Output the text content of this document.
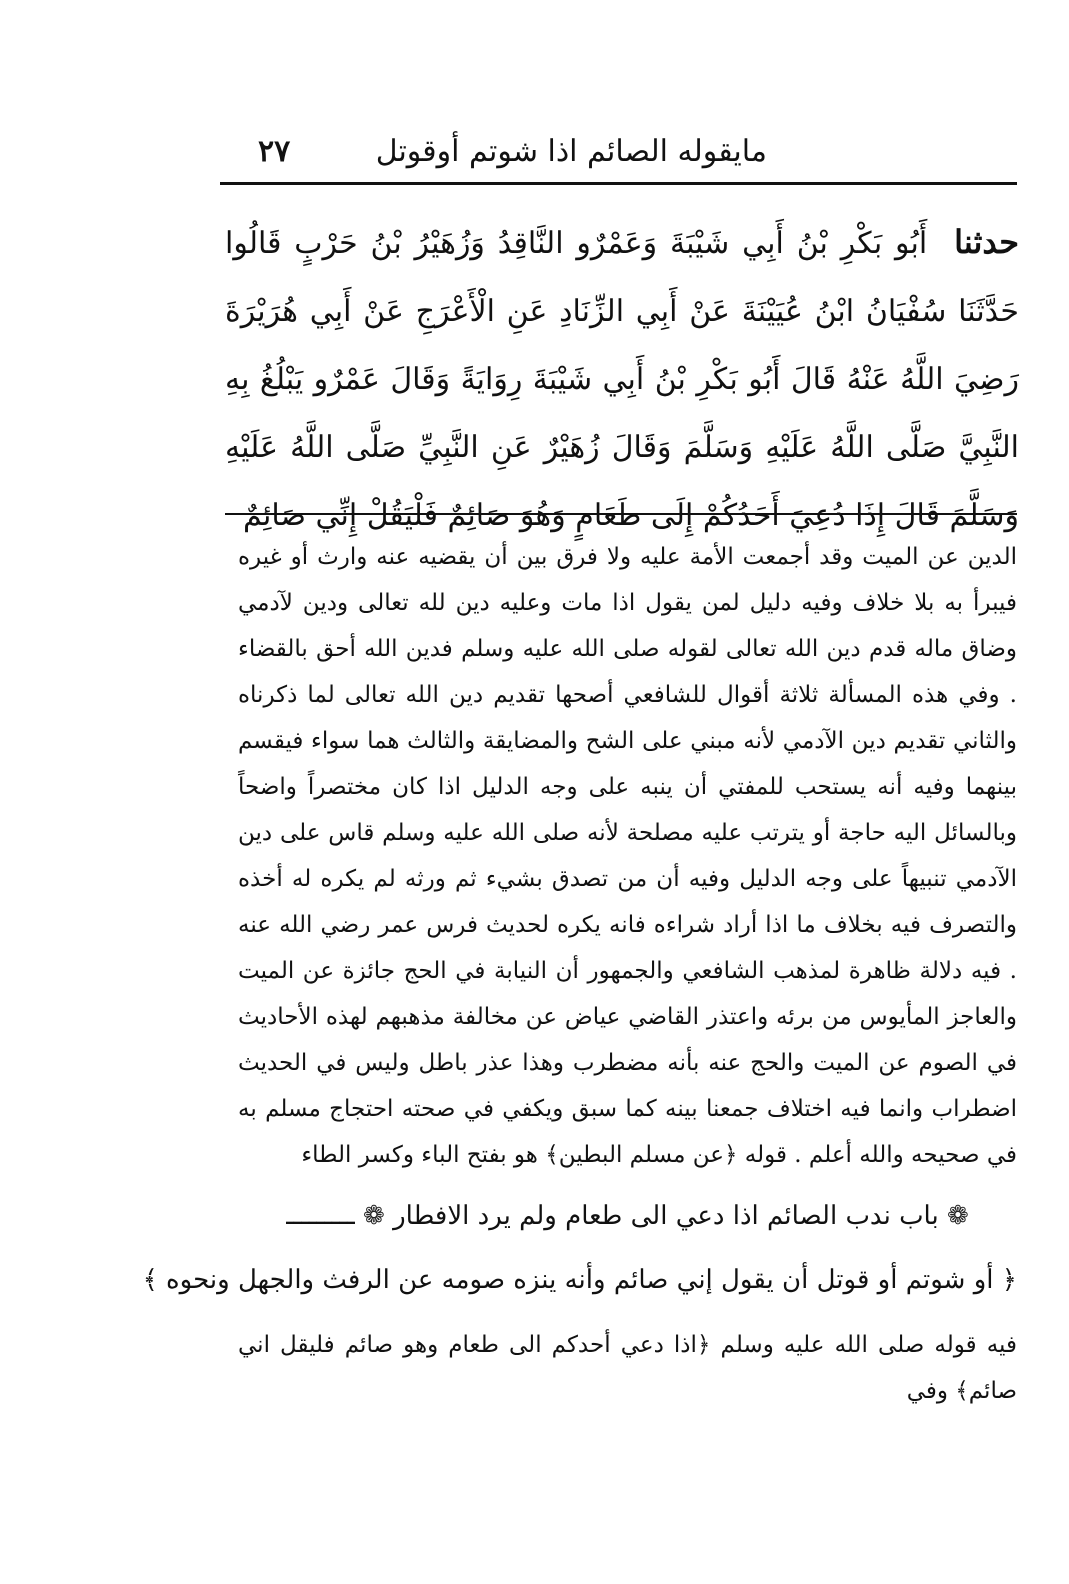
مايقوله الصائم اذا شوتم أوقوتل
٢٧
حدثنا أَبُو بَكْرِ بْنُ أَبِي شَيْبَةَ وَعَمْرٌو النَّاقِدُ وَزُهَيْرُ بْنُ حَرْبٍ قَالُوا حَدَّثَنَا سُفْيَانُ ابْنُ عُيَيْنَةَ عَنْ أَبِي الزِّنَادِ عَنِ الْأَعْرَجِ عَنْ أَبِي هُرَيْرَةَ رَضِيَ اللَّهُ عَنْهُ قَالَ أَبُو بَكْرِ بْنُ أَبِي شَيْبَةَ رِوَايَةً وَقَالَ عَمْرٌو يَبْلُغُ بِهِ النَّبِيَّ صَلَّى اللَّهُ عَلَيْهِ وَسَلَّمَ وَقَالَ زُهَيْرٌ عَنِ النَّبِيِّ صَلَّى اللَّهُ عَلَيْهِ وَسَلَّمَ قَالَ إِذَا دُعِيَ أَحَدُكُمْ إِلَى طَعَامٍ وَهُوَ صَائِمٌ فَلْيَقُلْ إِنِّي صَائِمٌ

الدين عن الميت وقد أجمعت الأمة عليه ولا فرق بين أن يقضيه عنه وارث أو غيره فيبرأ به بلا خلاف وفيه دليل لمن يقول اذا مات وعليه دين لله تعالى ودين لآدمي وضاق ماله قدم دين الله تعالى لقوله صلى الله عليه وسلم فدين الله أحق بالقضاء . وفي هذه المسألة ثلاثة أقوال للشافعي أصحها تقديم دين الله تعالى لما ذكرناه والثاني تقديم دين الآدمي لأنه مبني على الشح والمضايقة والثالث هما سواء فيقسم بينهما وفيه أنه يستحب للمفتي أن ينبه على وجه الدليل اذا كان مختصراً واضحاً وبالسائل اليه حاجة أو يترتب عليه مصلحة لأنه صلى الله عليه وسلم قاس على دين الآدمي تنبيهاً على وجه الدليل وفيه أن من تصدق بشيء ثم ورثه لم يكره له أخذه والتصرف فيه بخلاف ما اذا أراد شراءه فانه يكره لحديث فرس عمر رضي الله عنه . فيه دلالة ظاهرة لمذهب الشافعي والجمهور أن النيابة في الحج جائزة عن الميت والعاجز المأيوس من برئه واعتذر القاضي عياض عن مخالفة مذهبهم لهذه الأحاديث في الصوم عن الميت والحج عنه بأنه مضطرب وهذا عذر باطل وليس في الحديث اضطراب وانما فيه اختلاف جمعنا بينه كما سبق ويكفي في صحته احتجاج مسلم به في صحيحه والله أعلم . قوله ﴿عن مسلم البطين﴾ هو بفتح الباء وكسر الطاء

❁ باب ندب الصائم اذا دعي الى طعام ولم يرد الافطار ❁ ـــــــــ
﴿ أو شوتم أو قوتل أن يقول إني صائم وأنه ينزه صومه عن الرفث والجهل ونحوه ﴾
فيه قوله صلى الله عليه وسلم ﴿اذا دعي أحدكم الى طعام وهو صائم فليقل اني صائم﴾ وفي
